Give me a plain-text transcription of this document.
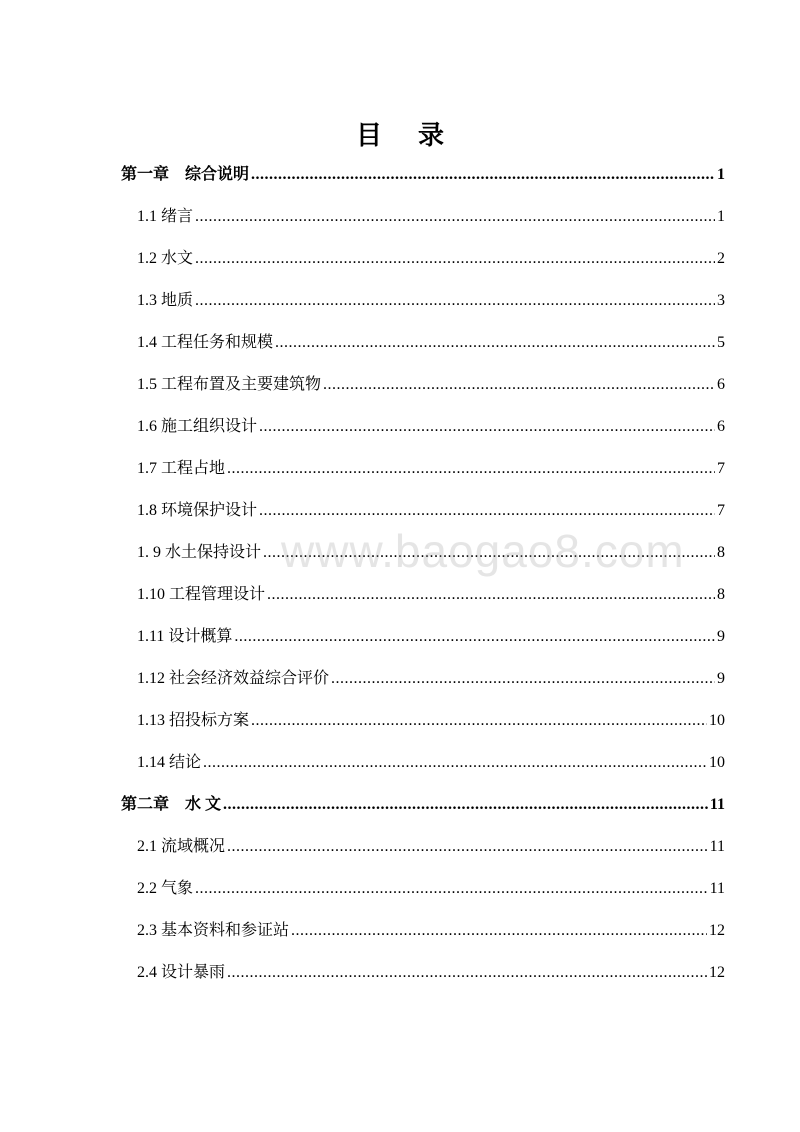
目录
第一章　综合说明 .....	1
1.1 绪言 .....	1
1.2 水文 .....	2
1.3 地质 .....	3
1.4 工程任务和规模 .....	5
1.5 工程布置及主要建筑物 .....	6
1.6 施工组织设计 .....	6
1.7 工程占地 .....	7
1.8 环境保护设计 .....	7
1. 9 水土保持设计 .....	8
1.10 工程管理设计 .....	8
1.11 设计概算 .....	9
1.12 社会经济效益综合评价 .....	9
1.13 招投标方案 .....	10
1.14 结论 .....	10
第二章　水 文 .....	11
2.1 流域概况 .....	11
2.2 气象 .....	11
2.3 基本资料和参证站 .....	12
2.4 设计暴雨 .....	12
www.baogao8.com
